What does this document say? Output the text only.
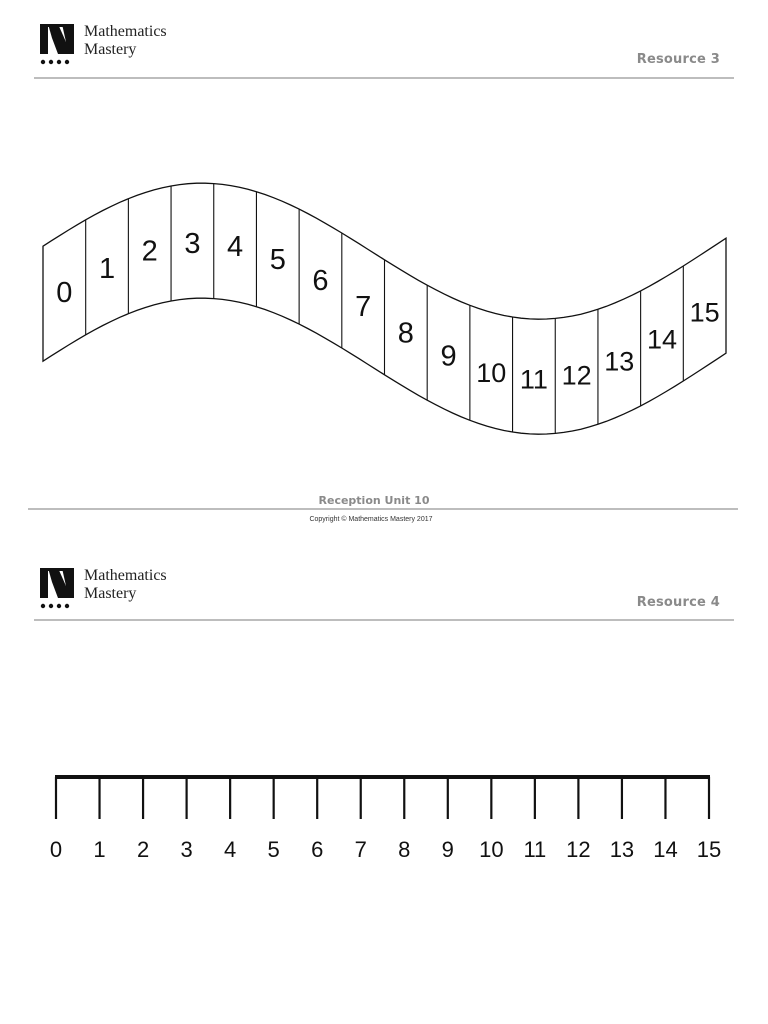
Mathematics
Mastery
Resource 3
0
1
2 3 4 5
6
7
8
9
10 11 12 13
14
15
Reception Unit 10
Copyright © Mathematics Mastery 2017
Mathematics
Mastery
Resource 4
0 1 2 3 4 5 6 7 8 9 10 11 12 13 14 15
